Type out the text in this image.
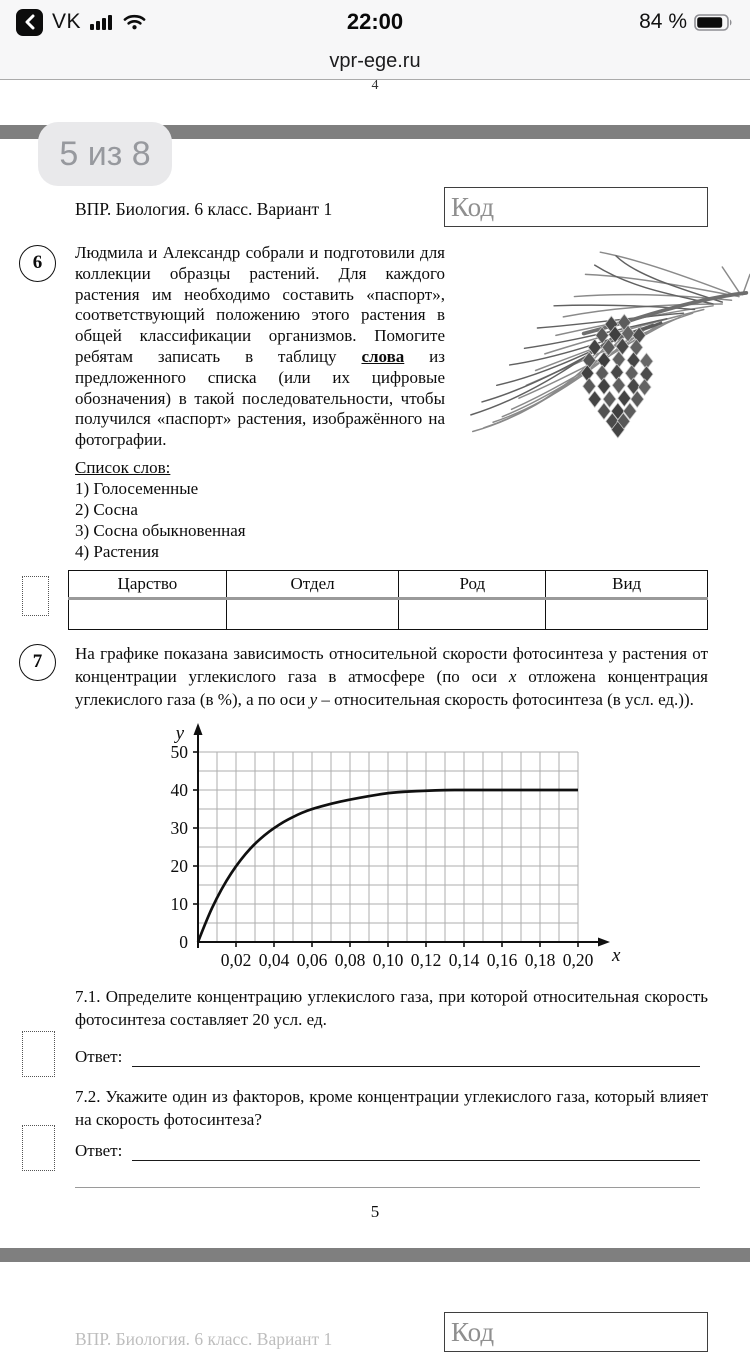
VK	22:00	84 %
vpr-ege.ru
4
5 из 8
ВПР. Биология. 6 класс. Вариант 1	Код
6	Людмила и Александр собрали и подготовили для коллекции образцы растений. Для каждого растения им необходимо составить «паспорт», соответствующий положению этого растения в общей классификации организмов. Помогите ребятам записать в таблицу слова из предложенного списка (или их цифровые обозначения) в такой последовательности, чтобы получился «паспорт» растения, изображённого на фотографии.
Список слов:
1) Голосеменные
2) Сосна
3) Сосна обыкновенная
4) Растения
Царство	Отдел	Род	Вид

7	На графике показана зависимость относительной скорости фотосинтеза у растения от концентрации углекислого газа в атмосфере (по оси x отложена концентрация углекислого газа (в %), а по оси y – относительная скорость фотосинтеза (в усл. ед.)).
0
10
20
30
40
50
0,02 0,04 0,06 0,08 0,10 0,12 0,14 0,16 0,18 0,20
y
x
7.1. Определите концентрацию углекислого газа, при которой относительная скорость фотосинтеза составляет 20 усл. ед.
Ответ:
7.2. Укажите один из факторов, кроме концентрации углекислого газа, который влияет на скорость фотосинтеза?
Ответ:
5
ВПР. Биология. 6 класс. Вариант 1	Код
